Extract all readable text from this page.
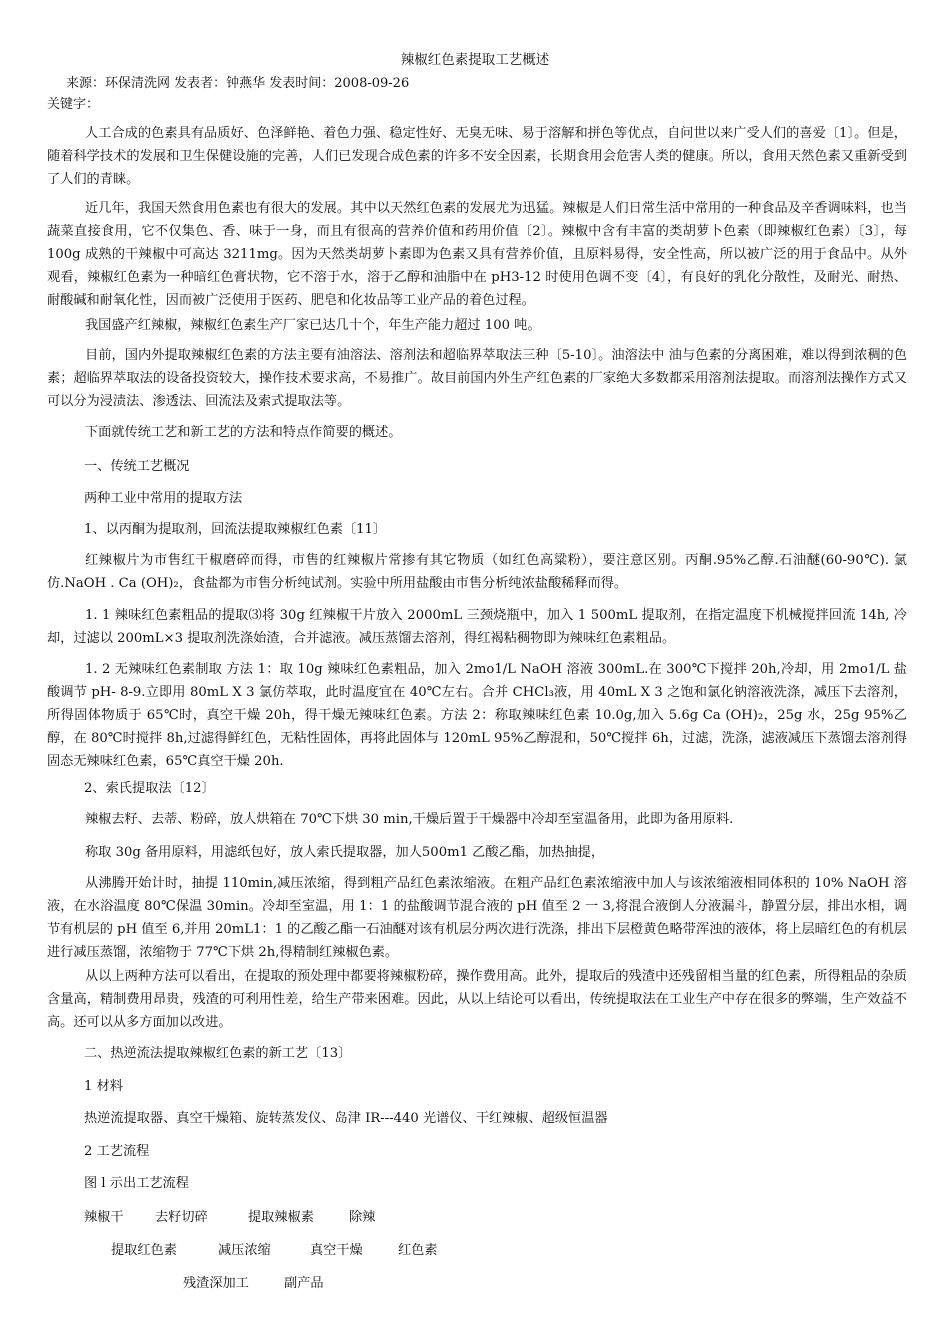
辣椒红色素提取工艺概述
来源：环保清洗网 发表者：钟燕华 发表时间：2008-09-26
关键字：

人工合成的色素具有品质好、色泽鲜艳、着色力强、稳定性好、无臭无味、易于溶解和拼色等优点，自问世以来广受人们的喜爱〔1〕。但是，随着科学技术的发展和卫生保健设施的完善，人们已发现合成色素的许多不安全因素，长期食用会危害人类的健康。所以，食用天然色素又重新受到了人们的青睐。

近几年，我国天然食用色素也有很大的发展。其中以天然红色素的发展尤为迅猛。辣椒是人们日常生活中常用的一种食品及辛香调味料，也当蔬菜直接食用，它不仅集色、香、味于一身，而且有很高的营养价值和药用价值〔2〕。辣椒中含有丰富的类胡萝卜色素（即辣椒红色素）〔3〕，每 100g 成熟的干辣椒中可高达 3211mg。因为天然类胡萝卜素即为色素又具有营养价值，且原料易得，安全性高，所以被广泛的用于食品中。从外观看，辣椒红色素为一种暗红色膏状物，它不溶于水，溶于乙醇和油脂中在 pH3-12 时使用色调不变〔4〕，有良好的乳化分散性，及耐光、耐热、耐酸碱和耐氧化性，因而被广泛使用于医药、肥皂和化妆品等工业产品的着色过程。

我国盛产红辣椒，辣椒红色素生产厂家已达几十个，年生产能力超过 100 吨。

目前，国内外提取辣椒红色素的方法主要有油溶法、溶剂法和超临界萃取法三种〔5-10〕。油溶法中 油与色素的分离困难，难以得到浓稠的色素；超临界萃取法的设备投资较大，操作技术要求高，不易推广。故目前国内外生产红色素的厂家绝大多数都采用溶剂法提取。而溶剂法操作方式又可以分为浸渍法、渗透法、回流法及索式提取法等。

下面就传统工艺和新工艺的方法和特点作简要的概述。

一、传统工艺概况
两种工业中常用的提取方法
1、以丙酮为提取剂，回流法提取辣椒红色素〔11〕

红辣椒片为市售红干椒磨碎而得，市售的红辣椒片常掺有其它物质（如红色高粱粉），要注意区别。丙酮.95%乙醇.石油醚(60-90℃). 氯仿.NaOH . Ca (OH)₂，食盐都为市售分析纯试剂。实验中所用盐酸由市售分析纯浓盐酸稀释而得。

1. 1 辣味红色素粗品的提取⑶将 30g 红辣椒干片放入 2000mL 三颈烧瓶中，加入 1 500mL 提取剂，在指定温度下机械搅拌回流 14h, 冷却，过滤以 200mL×3 提取剂洗涤始渣，合并滤液。减压蒸馏去溶剂，得红褐粘稠物即为辣味红色素粗品。

1. 2 无辣味红色素制取 方法 1：取 10g 辣味红色素粗品，加入 2mo1/L NaOH 溶液 300mL.在 300℃下搅拌 20h,冷却，用 2mo1/L 盐酸调节 pH- 8-9.立即用 80mL X 3 氯仿萃取，此时温度宜在 40℃左右。合并 CHCl₃液，用 40mL X 3 之饱和氯化钠溶液洗涤，减压下去溶剂，所得固体物质于 65℃时，真空干燥 20h，得干燥无辣味红色素。方法 2：称取辣味红色素 10.0g,加入 5.6g Ca (OH)₂，25g 水，25g 95%乙醇，在 80℃时搅拌 8h,过滤得鲜红色，无粘性固体，再将此固体与 120mL 95%乙醇混和，50℃搅拌 6h，过滤，洗涤，滤液减压下蒸馏去溶剂得固态无辣味红色素，65℃真空干燥 20h.

2、索氏提取法〔12〕

辣椒去籽、去蒂、粉碎，放人烘箱在 70℃下烘 30 min,干燥后置于干燥器中冷却至室温备用，此即为备用原料.

称取 30g 备用原料，用滤纸包好，放人索氏提取器，加人500m1 乙酸乙酯，加热抽提，

从沸腾开始计时，抽提 110min,减压浓缩，得到粗产品红色素浓缩液。在粗产品红色素浓缩液中加人与该浓缩液相同体积的 10% NaOH 溶液，在水浴温度 80℃保温 30min。冷却至室温，用 1：1 的盐酸调节混合液的 pH 值至 2 一 3,将混合液倒人分液漏斗，静置分层，排出水相，调节有机层的 pH 值至 6,并用 20mL1：1 的乙酸乙酯一石油醚对该有机层分两次进行洗涤，排出下层橙黄色略带浑浊的液体，将上层暗红色的有机层进行减压蒸馏，浓缩物于 77℃下烘 2h,得精制红辣椒色素。

从以上两种方法可以看出，在提取的预处理中都要将辣椒粉碎，操作费用高。此外，提取后的残渣中还残留相当量的红色素，所得粗品的杂质含量高，精制费用昂贵，残渣的可利用性差，给生产带来困难。因此，从以上结论可以看出，传统提取法在工业生产中存在很多的弊端，生产效益不高。还可以从多方面加以改进。

二、热逆流法提取辣椒红色素的新工艺〔13〕
1 材料
热逆流提取器、真空干燥箱、旋转蒸发仪、岛津 IR---440 光谱仪、干红辣椒、超级恒温器
2 工艺流程
图 l 示出工艺流程
辣椒干 去籽切碎	提取辣椒素	除辣
提取红色素	减压浓缩	真空干燥	红色素
残渣深加工	副产品
